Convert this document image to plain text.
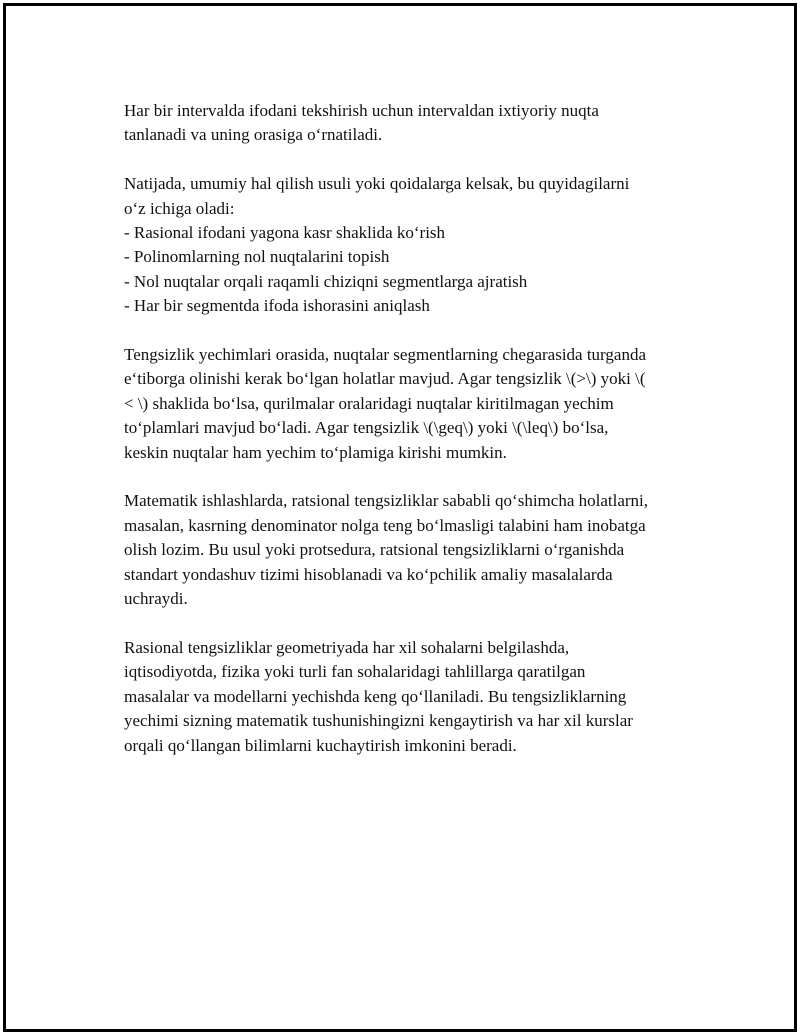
Har bir intervalda ifodani tekshirish uchun intervaldan ixtiyoriy nuqta
tanlanadi va uning orasiga o‘rnatiladi.

Natijada, umumiy hal qilish usuli yoki qoidalarga kelsak, bu quyidagilarni
o‘z ichiga oladi:
- Rasional ifodani yagona kasr shaklida ko‘rish
- Polinomlarning nol nuqtalarini topish
- Nol nuqtalar orqali raqamli chiziqni segmentlarga ajratish
- Har bir segmentda ifoda ishorasini aniqlash

Tengsizlik yechimlari orasida, nuqtalar segmentlarning chegarasida turganda
e‘tiborga olinishi kerak bo‘lgan holatlar mavjud. Agar tengsizlik \(>\) yoki \(
< \) shaklida bo‘lsa, qurilmalar oralaridagi nuqtalar kiritilmagan yechim
to‘plamlari mavjud bo‘ladi. Agar tengsizlik \(\geq\) yoki \(\leq\) bo‘lsa,
keskin nuqtalar ham yechim to‘plamiga kirishi mumkin.

Matematik ishlashlarda, ratsional tengsizliklar sababli qo‘shimcha holatlarni,
masalan, kasrning denominator nolga teng bo‘lmasligi talabini ham inobatga
olish lozim. Bu usul yoki protsedura, ratsional tengsizliklarni o‘rganishda
standart yondashuv tizimi hisoblanadi va ko‘pchilik amaliy masalalarda
uchraydi.

Rasional tengsizliklar geometriyada har xil sohalarni belgilashda,
iqtisodiyotda, fizika yoki turli fan sohalaridagi tahlillarga qaratilgan
masalalar va modellarni yechishda keng qo‘llaniladi. Bu tengsizliklarning
yechimi sizning matematik tushunishingizni kengaytirish va har xil kurslar
orqali qo‘llangan bilimlarni kuchaytirish imkonini beradi.
